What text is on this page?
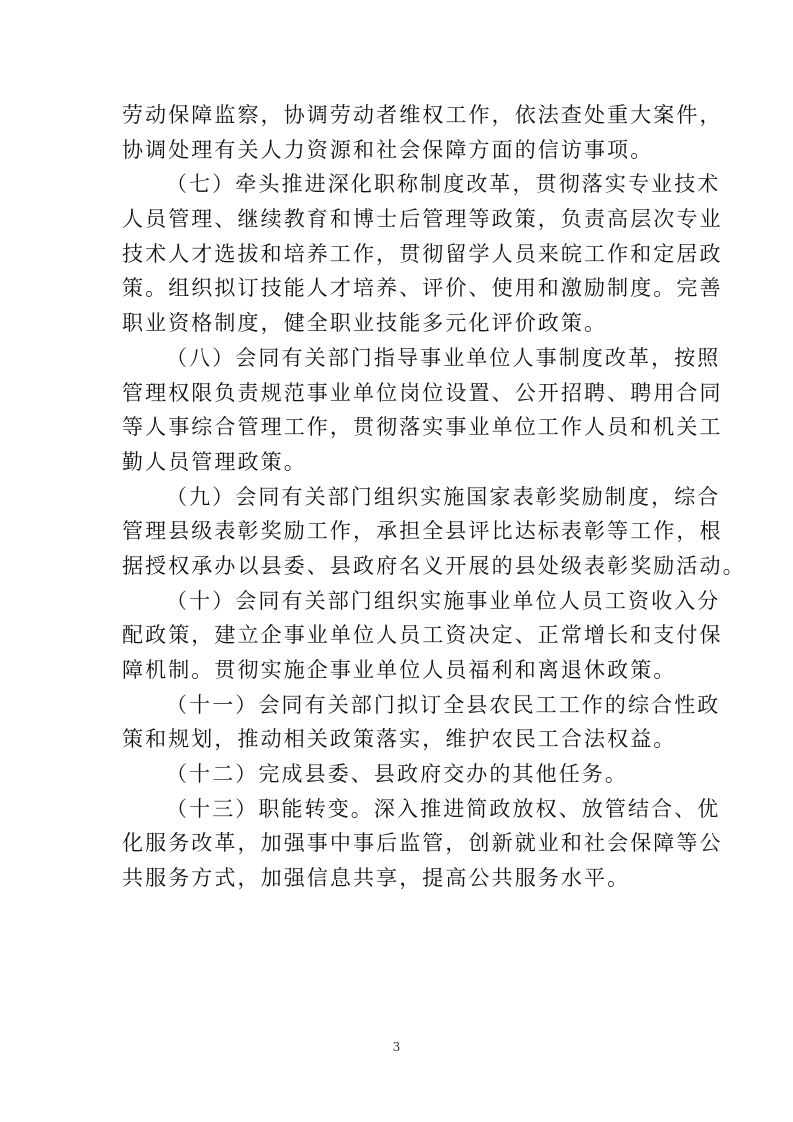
劳动保障监察，协调劳动者维权工作，依法查处重大案件，
协调处理有关人力资源和社会保障方面的信访事项。
（七）牵头推进深化职称制度改革，贯彻落实专业技术
人员管理、继续教育和博士后管理等政策，负责高层次专业
技术人才选拔和培养工作，贯彻留学人员来皖工作和定居政
策。组织拟订技能人才培养、评价、使用和激励制度。完善
职业资格制度，健全职业技能多元化评价政策。
（八）会同有关部门指导事业单位人事制度改革，按照
管理权限负责规范事业单位岗位设置、公开招聘、聘用合同
等人事综合管理工作，贯彻落实事业单位工作人员和机关工
勤人员管理政策。
（九）会同有关部门组织实施国家表彰奖励制度，综合
管理县级表彰奖励工作，承担全县评比达标表彰等工作，根
据授权承办以县委、县政府名义开展的县处级表彰奖励活动。
（十）会同有关部门组织实施事业单位人员工资收入分
配政策，建立企事业单位人员工资决定、正常增长和支付保
障机制。贯彻实施企事业单位人员福利和离退休政策。
（十一）会同有关部门拟订全县农民工工作的综合性政
策和规划，推动相关政策落实，维护农民工合法权益。
（十二）完成县委、县政府交办的其他任务。
（十三）职能转变。深入推进简政放权、放管结合、优
化服务改革，加强事中事后监管，创新就业和社会保障等公
共服务方式，加强信息共享，提高公共服务水平。
3
